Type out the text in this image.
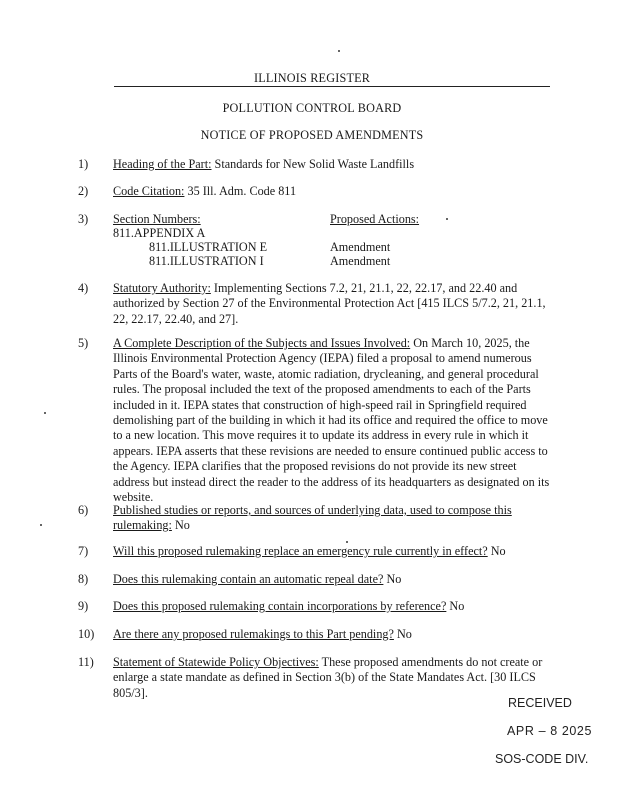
ILLINOIS REGISTER
POLLUTION CONTROL BOARD
NOTICE OF PROPOSED AMENDMENTS
1)	Heading of the Part: Standards for New Solid Waste Landfills
2)	Code Citation: 35 Ill. Adm. Code 811
3)	Section Numbers:	Proposed Actions:
811.APPENDIX A
811.ILLUSTRATION E	Amendment
811.ILLUSTRATION I	Amendment
4)	Statutory Authority: Implementing Sections 7.2, 21, 21.1, 22, 22.17, and 22.40 and authorized by Section 27 of the Environmental Protection Act [415 ILCS 5/7.2, 21, 21.1, 22, 22.17, 22.40, and 27].
5)	A Complete Description of the Subjects and Issues Involved: On March 10, 2025, the Illinois Environmental Protection Agency (IEPA) filed a proposal to amend numerous Parts of the Board's water, waste, atomic radiation, drycleaning, and general procedural rules. The proposal included the text of the proposed amendments to each of the Parts included in it. IEPA states that construction of high-speed rail in Springfield required demolishing part of the building in which it had its office and required the office to move to a new location. This move requires it to update its address in every rule in which it appears. IEPA asserts that these revisions are needed to ensure continued public access to the Agency. IEPA clarifies that the proposed revisions do not provide its new street address but instead direct the reader to the address of its headquarters as designated on its website.
6)	Published studies or reports, and sources of underlying data, used to compose this rulemaking: No
7)	Will this proposed rulemaking replace an emergency rule currently in effect? No
8)	Does this rulemaking contain an automatic repeal date? No
9)	Does this proposed rulemaking contain incorporations by reference? No
10)	Are there any proposed rulemakings to this Part pending? No
11)	Statement of Statewide Policy Objectives: These proposed amendments do not create or enlarge a state mandate as defined in Section 3(b) of the State Mandates Act. [30 ILCS 805/3].
RECEIVED
APR – 8 2025
SOS-CODE DIV.
